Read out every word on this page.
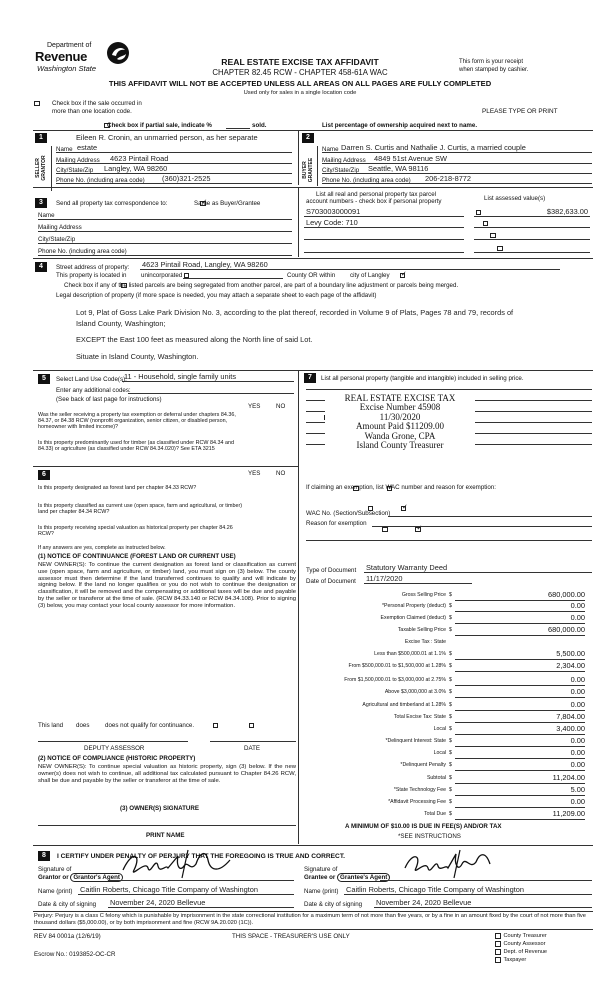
Department of
Revenue
Washington State
REAL ESTATE EXCISE TAX AFFIDAVIT
CHAPTER 82.45 RCW - CHAPTER 458-61A WAC
THIS AFFIDAVIT WILL NOT BE ACCEPTED UNLESS ALL AREAS ON ALL PAGES ARE FULLY COMPLETED
Used only for sales in a single location code
This form is your receipt
when stamped by cashier.

Check box if the sale occurred in
more than one location code.	PLEASE TYPE OR PRINT

Check box if partial sale, indicate %	sold.	List percentage of ownership acquired next to name.
1
SELLER GRANTOR
Eileen R. Cronin, an unmarried person, as her separate
Name estate
Mailing Address 4623 Pintail Road
City/State/Zip Langley, WA 98260
Phone No. (including area code) (360)321-2525
2
BUYER GRANTEE
Name Darren S. Curtis and Nathalie J. Curtis, a married couple
Mailing Address 4849 51st Avenue SW
City/State/Zip Seattle, WA 98116
Phone No. (including area code) 206-218-8772
3	Send all property tax correspondence to: ✓	Same as Buyer/Grantee
Name
Mailing Address
City/State/Zip
Phone No. (including area code)
List all real and personal property tax parcel
account numbers - check box if personal property	List assessed value(s)
S703003000091
	$382,633.00
Levy Code: 710

4	Street address of property: 4623 Pintail Road, Langley, WA 98260
This property is located in
unincorporated	County OR within ✓ city of Langley

Check box if any of the listed parcels are being segregated from another parcel, are part of a boundary line adjustment or parcels being merged.
Legal description of property (if more space is needed, you may attach a separate sheet to each page of the affidavit)
Lot 9, Plat of Goss Lake Park Division No. 3, according to the plat thereof, recorded in Volume 9 of Plats, Pages 78 and 79, records of
Island County, Washington;
EXCEPT the East 100 feet as measured along the North line of said Lot.
Situate in Island County, Washington.
5	Select Land Use Code(s):
11 - Household, single family units
Enter any additional codes:
(See back of last page for instructions)
YES	NO
Was the seller receiving a property tax exemption or deferral under chapters 84.36, 84.37, or 84.38 RCW (nonprofit organization, senior citizen, or disabled person, homeowner with limited income)?
✓
Is this property predominantly used for timber (as classified under RCW 84.34 and 84.33) or agriculture (as classified under RCW 84.34.020)? See ETA 3215
✓
6	YES	NO
Is this property designated as forest land per chapter 84.33 RCW?
✓
Is this property classified as current use (open space, farm and agricultural, or timber) land per chapter 84.34 RCW?
✓
Is this property receiving special valuation as historical property per chapter 84.26 RCW?
✓
If any answers are yes, complete as instructed below.
(1) NOTICE OF CONTINUANCE (FOREST LAND OR CURRENT USE)
NEW OWNER(S): To continue the current designation as forest land or classification as current use (open space, farm and agriculture, or timber) land, you must sign on (3) below. The county assessor must then determine if the land transferred continues to qualify and will indicate by signing below. If the land no longer qualifies or you do not wish to continue the designation or classification, it will be removed and the compensating or additional taxes will be due and payable by the seller or transferor at the time of sale. (RCW 84.33.140 or RCW 84.34.108). Prior to signing (3) below, you may contact your local county assessor for more information.
This land
does	does not qualify for continuance.
DEPUTY ASSESSOR	DATE
(2) NOTICE OF COMPLIANCE (HISTORIC PROPERTY)
NEW OWNER(S): To continue special valuation as historic property, sign (3) below. If the new owner(s) does not wish to continue, all additional tax calculated pursuant to Chapter 84.26 RCW, shall be due and payable by the seller or transferor at the time of sale.
(3) OWNER(S) SIGNATURE
PRINT NAME
7	List all personal property (tangible and intangible) included in selling price.
REAL ESTATE EXCISE TAX
Excise Number 45908
11/30/2020
Amount Paid $11209.00
Wanda Grone, CPA
Island County Treasurer
If claiming an exemption, list WAC number and reason for exemption:
WAC No. (Section/Subsection)
Reason for exemption
Type of Document Statutory Warranty Deed
Date of Document 11/17/2020
Gross Selling Price $	680,000.00
*Personal Property (deduct) $	0.00
Exemption Claimed (deduct) $	0.00
Taxable Selling Price $	680,000.00
Excise Tax : State
Less than $500,000.01 at 1.1% $	5,500.00
From $500,000.01 to $1,500,000 at 1.28% $	2,304.00
From $1,500,000.01 to $3,000,000 at 2.75% $	0.00
Above $3,000,000 at 3.0% $	0.00
Agricultural and timberland at 1.28% $	0.00
Total Excise Tax: State $	7,804.00
Local $	3,400.00
*Delinquent Interest: State $	0.00
Local $	0.00
*Delinquent Penalty $	0.00
Subtotal $	11,204.00
*State Technology Fee $	5.00
*Affidavit Processing Fee $	0.00
Total Due $	11,209.00
A MINIMUM OF $10.00 IS DUE IN FEE(S) AND/OR TAX
*SEE INSTRUCTIONS
8	I CERTIFY UNDER PENALTY OF PERJURY THAT THE FOREGOING IS TRUE AND CORRECT.
Signature of
Grantor or Grantor's Agent
Name (print) Caitlin Roberts, Chicago Title Company of Washington
Date & city of signing November 24, 2020 Bellevue
Signature of
Grantee or Grantee's Agent
Name (print) Caitlin Roberts, Chicago Title Company of Washington
Date & city of signing November 24, 2020 Bellevue
Perjury: Perjury is a class C felony which is punishable by imprisonment in the state correctional institution for a maximum term of not more than five years, or by a fine in an amount fixed by the court of not more than five thousand dollars ($5,000.00), or by both imprisonment and fine (RCW 9A.20.020 (1C)).
REV 84 0001a (12/6/19)	THIS SPACE - TREASURER'S USE ONLY
Escrow No.: 0193852-OC-CR
County Treasurer
County Assessor
Dept. of Revenue
Taxpayer
